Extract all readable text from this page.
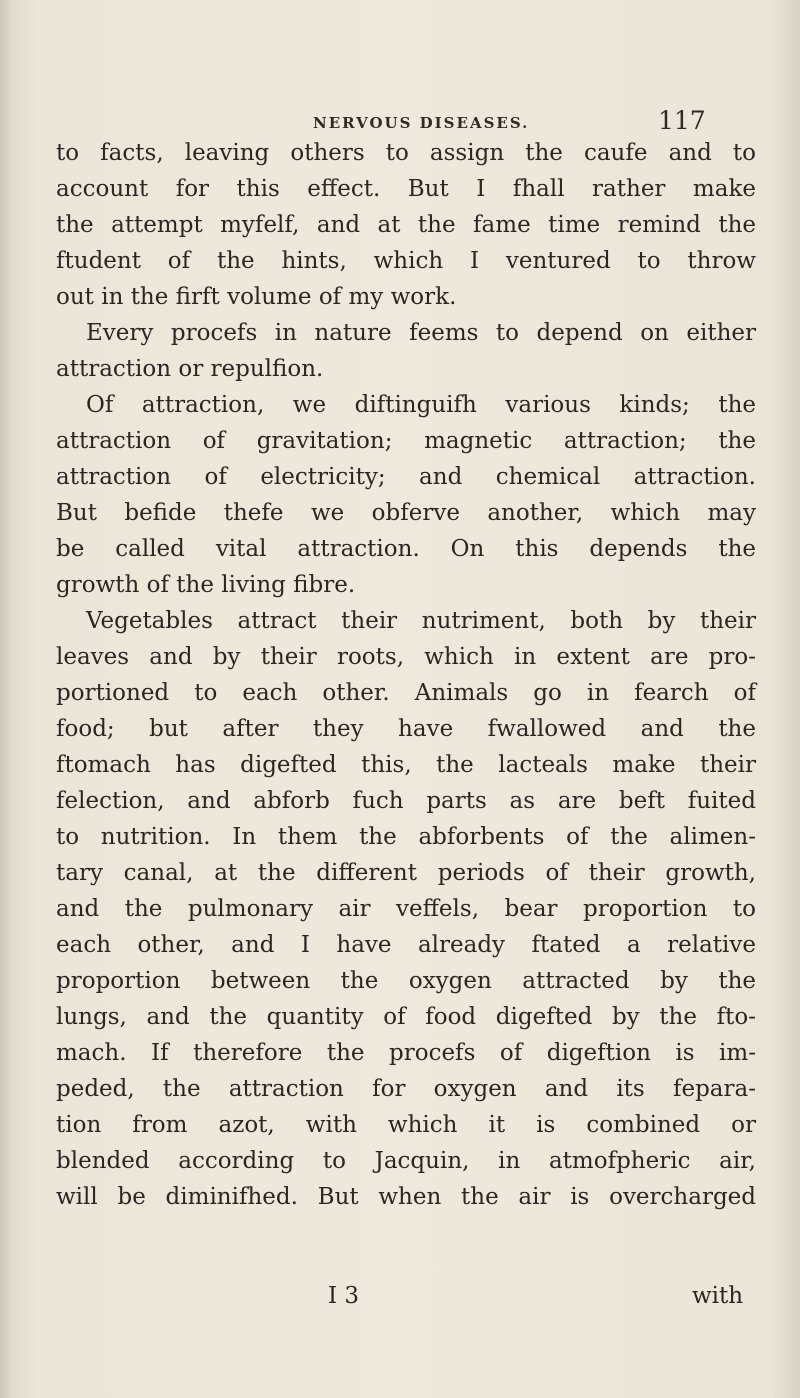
NERVOUS DISEASES.	117

to facts, leaving others to assign the caufe and to

account for this effect. But I fhall rather make

the attempt myfelf, and at the fame time remind the

ftudent of the hints, which I ventured to throw

out in the firft volume of my work.

Every procefs in nature feems to depend on either

attraction or repulfion.

Of attraction, we diftinguifh various kinds; the

attraction of gravitation; magnetic attraction; the

attraction of electricity; and chemical attraction.

But befide thefe we obferve another, which may

be called vital attraction. On this depends the

growth of the living fibre.

Vegetables attract their nutriment, both by their

leaves and by their roots, which in extent are pro-

portioned to each other. Animals go in fearch of

food; but after they have fwallowed and the

ftomach has digefted this, the lacteals make their

felection, and abforb fuch parts as are beft fuited

to nutrition. In them the abforbents of the alimen-

tary canal, at the different periods of their growth,

and the pulmonary air veffels, bear proportion to

each other, and I have already ftated a relative

proportion between the oxygen attracted by the

lungs, and the quantity of food digefted by the fto-

mach. If therefore the procefs of digeftion is im-

peded, the attraction for oxygen and its fepara-

tion from azot, with which it is combined or

blended according to Jacquin, in atmofpheric air,

will be diminifhed. But when the air is overcharged

I 3	with
